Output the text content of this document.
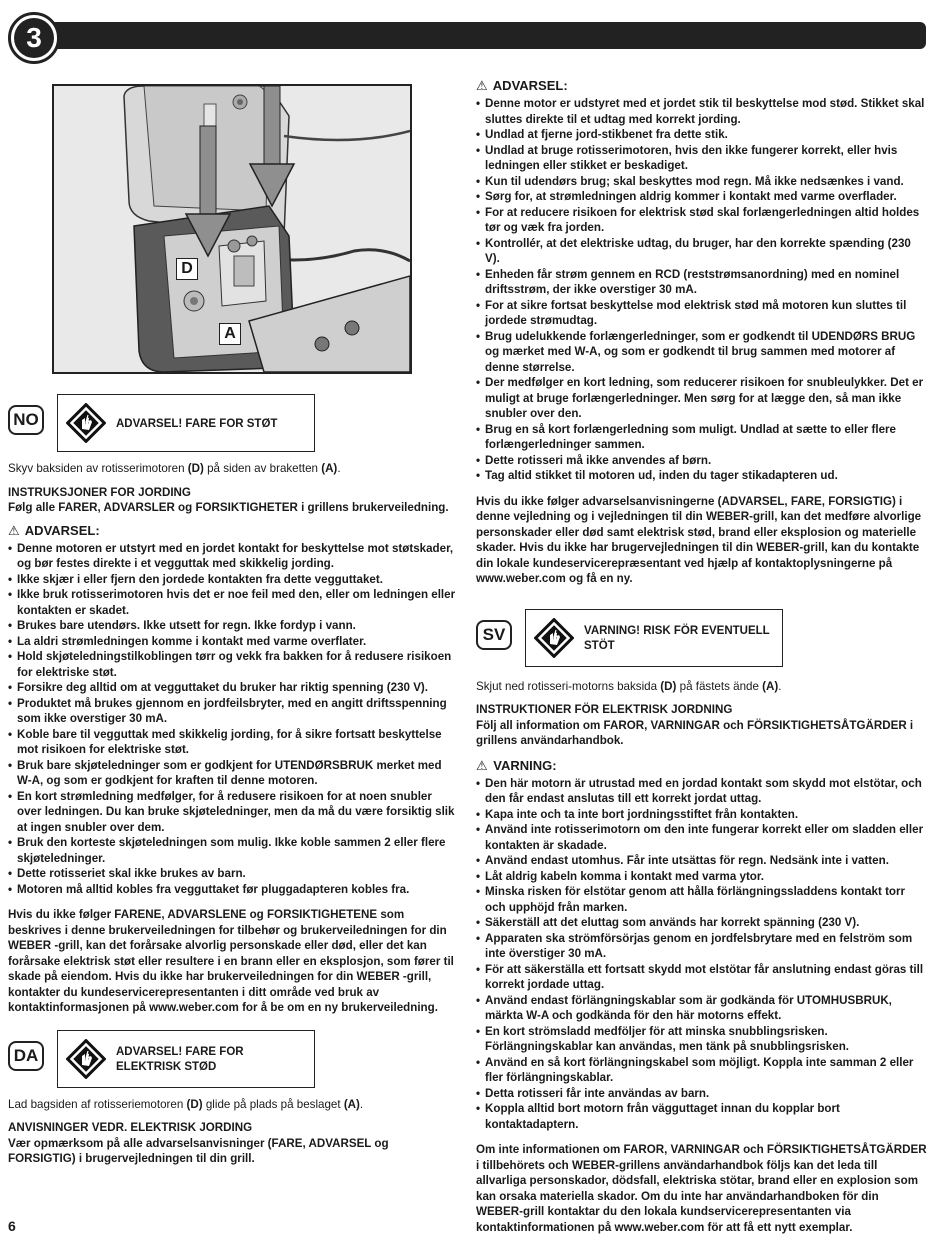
3
D
A
NO	ADVARSEL! FARE FOR STØT

Skyv baksiden av rotisserimotoren (D) på siden av braketten (A).

INSTRUKSJONER FOR JORDING

Følg alle FARER, ADVARSLER og FORSIKTIGHETER i grillens brukerveiledning.

⚠ ADVARSEL:
• Denne motoren er utstyrt med en jordet kontakt for beskyttelse mot støtskader, og bør festes direkte i et vegguttak med skikkelig jording.
• Ikke skjær i eller fjern den jordede kontakten fra dette vegguttaket.
• Ikke bruk rotisserimotoren hvis det er noe feil med den, eller om ledningen eller kontakten er skadet.
• Brukes bare utendørs. Ikke utsett for regn. Ikke fordyp i vann.
• La aldri strømledningen komme i kontakt med varme overflater.
• Hold skjøteledningstilkoblingen tørr og vekk fra bakken for å redusere risikoen for elektriske støt.
• Forsikre deg alltid om at vegguttaket du bruker har riktig spenning (230 V).
• Produktet må brukes gjennom en jordfeilsbryter, med en angitt driftsspenning som ikke overstiger 30 mA.
• Koble bare til vegguttak med skikkelig jording, for å sikre fortsatt beskyttelse mot risikoen for elektriske støt.
• Bruk bare skjøteledninger som er godkjent for UTENDØRSBRUK merket med W-A, og som er godkjent for kraften til denne motoren.
• En kort strømledning medfølger, for å redusere risikoen for at noen snubler over ledningen. Du kan bruke skjøteledninger, men da må du være forsiktig slik at ingen snubler over dem.
• Bruk den korteste skjøteledningen som mulig. Ikke koble sammen 2 eller flere skjøteledninger.
• Dette rotisseriet skal ikke brukes av barn.
• Motoren må alltid kobles fra vegguttaket før pluggadapteren kobles fra.

Hvis du ikke følger FARENE, ADVARSLENE og FORSIKTIGHETENE som beskrives i denne brukerveiledningen for tilbehør og brukerveiledningen for din WEBER -grill, kan det forårsake alvorlig personskade eller død, eller det kan forårsake elektrisk støt eller resultere i en brann eller en eksplosjon, som fører til skade på eiendom. Hvis du ikke har brukerveiledningen for din WEBER -grill, kontakter du kundeservicerepresentanten i ditt område ved bruk av kontaktinformasjonen på www.weber.com for å be om en ny brukerveiledning.

DA	ADVARSEL! FARE FOR ELEKTRISK STØD

Lad bagsiden af rotisseriemotoren (D) glide på plads på beslaget (A).

ANVISNINGER VEDR. ELEKTRISK JORDING

Vær opmærksom på alle advarselsanvisninger (FARE, ADVARSEL og FORSIGTIG) i brugervejledningen til din grill.

⚠ ADVARSEL:
• Denne motor er udstyret med et jordet stik til beskyttelse mod stød. Stikket skal sluttes direkte til et udtag med korrekt jording.
• Undlad at fjerne jord-stikbenet fra dette stik.
• Undlad at bruge rotisserimotoren, hvis den ikke fungerer korrekt, eller hvis ledningen eller stikket er beskadiget.
• Kun til udendørs brug; skal beskyttes mod regn. Må ikke nedsænkes i vand.
• Sørg for, at strømledningen aldrig kommer i kontakt med varme overflader.
• For at reducere risikoen for elektrisk stød skal forlængerledningen altid holdes tør og væk fra jorden.
• Kontrollér, at det elektriske udtag, du bruger, har den korrekte spænding (230 V).
• Enheden får strøm gennem en RCD (reststrømsanordning) med en nominel driftsstrøm, der ikke overstiger 30 mA.
• For at sikre fortsat beskyttelse mod elektrisk stød må motoren kun sluttes til jordede strømudtag.
• Brug udelukkende forlængerledninger, som er godkendt til UDENDØRS BRUG og mærket med W-A, og som er godkendt til brug sammen med motorer af denne størrelse.
• Der medfølger en kort ledning, som reducerer risikoen for snubleulykker. Det er muligt at bruge forlængerledninger. Men sørg for at lægge den, så man ikke snubler over den.
• Brug en så kort forlængerledning som muligt. Undlad at sætte to eller flere forlængerledninger sammen.
• Dette rotisseri må ikke anvendes af børn.
• Tag altid stikket til motoren ud, inden du tager stikadapteren ud.

Hvis du ikke følger advarselsanvisningerne (ADVARSEL, FARE, FORSIGTIG) i denne vejledning og i vejledningen til din WEBER-grill, kan det medføre alvorlige personskader eller død samt elektrisk stød, brand eller eksplosion og materielle skader. Hvis du ikke har brugervejledningen til din WEBER-grill, kan du kontakte din lokale kundeservicerepræsentant ved hjælp af kontaktoplysningerne på www.weber.com og få en ny.

SV	VARNING! RISK FÖR EVENTUELL STÖT

Skjut ned rotisseri-motorns baksida (D) på fästets ände (A).

INSTRUKTIONER FÖR ELEKTRISK JORDNING

Följ all information om FAROR, VARNINGAR och FÖRSIKTIGHETSÅTGÄRDER i grillens användarhandbok.

⚠ VARNING:
• Den här motorn är utrustad med en jordad kontakt som skydd mot elstötar, och den får endast anslutas till ett korrekt jordat uttag.
• Kapa inte och ta inte bort jordningsstiftet från kontakten.
• Använd inte rotisserimotorn om den inte fungerar korrekt eller om sladden eller kontakten är skadade.
• Använd endast utomhus. Får inte utsättas för regn. Nedsänk inte i vatten.
• Låt aldrig kabeln komma i kontakt med varma ytor.
• Minska risken för elstötar genom att hålla förlängningssladdens kontakt torr och upphöjd från marken.
• Säkerställ att det eluttag som används har korrekt spänning (230 V).
• Apparaten ska strömförsörjas genom en jordfelsbrytare med en felström som inte överstiger 30 mA.
• För att säkerställa ett fortsatt skydd mot elstötar får anslutning endast göras till korrekt jordade uttag.
• Använd endast förlängningskablar som är godkända för UTOMHUSBRUK, märkta W-A och godkända för den här motorns effekt.
• En kort strömsladd medföljer för att minska snubblingsrisken. Förlängningskablar kan användas, men tänk på snubblingsrisken.
• Använd en så kort förlängningskabel som möjligt. Koppla inte samman 2 eller fler förlängningskablar.
• Detta rotisseri får inte användas av barn.
• Koppla alltid bort motorn från vägguttaget innan du kopplar bort kontaktadaptern.

Om inte informationen om FAROR, VARNINGAR och FÖRSIKTIGHETSÅTGÄRDER i tillbehörets och WEBER-grillens användarhandbok följs kan det leda till allvarliga personskador, dödsfall, elektriska stötar, brand eller en explosion som kan orsaka materiella skador. Om du inte har användarhandboken för din WEBER-grill kontaktar du den lokala kundservicerepresentanten via kontaktinformationen på www.weber.com för att få ett nytt exemplar.

6
